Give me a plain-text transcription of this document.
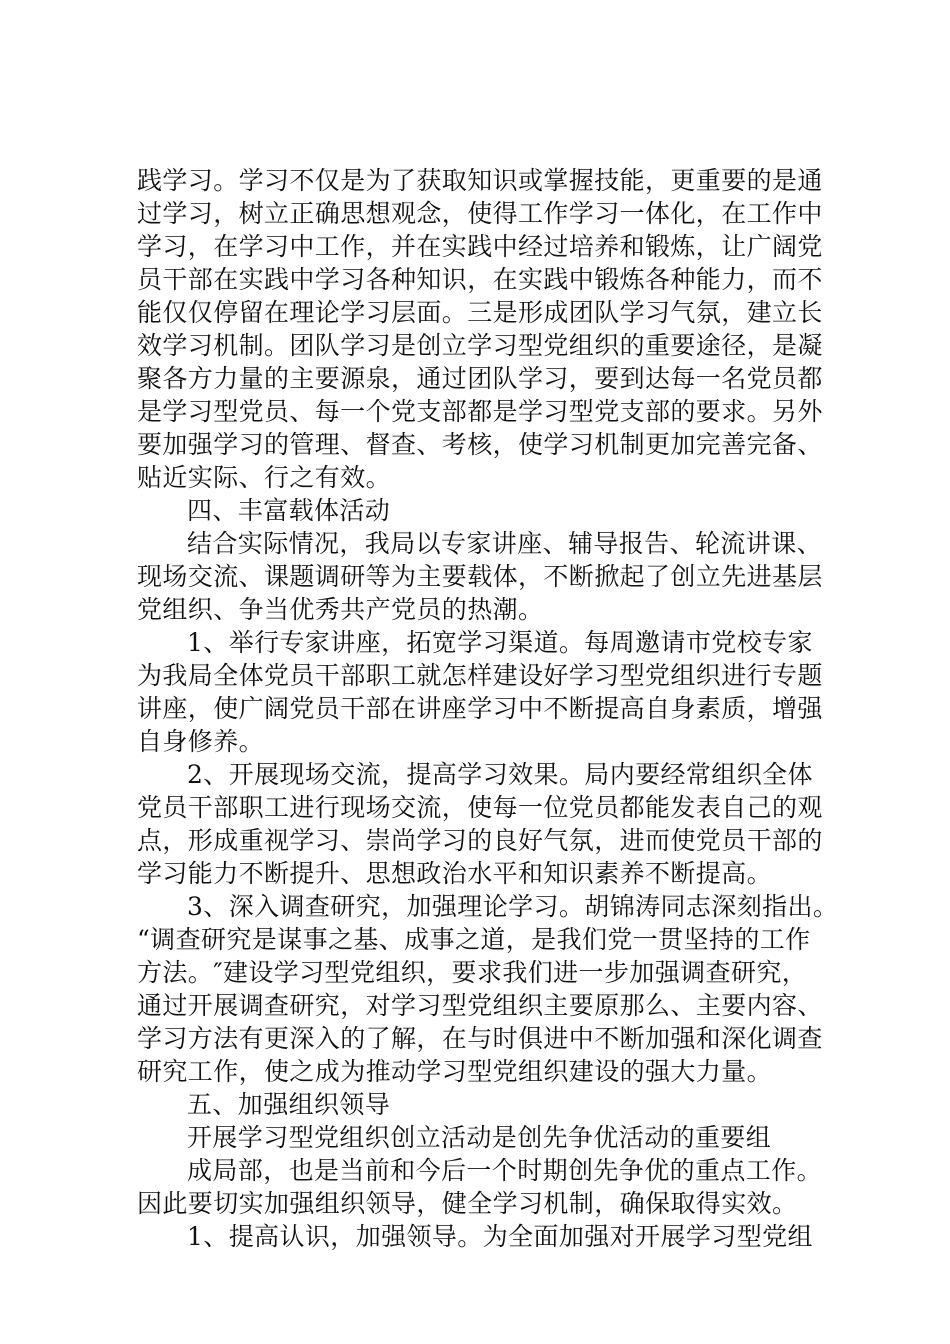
践学习。学习不仅是为了获取知识或掌握技能，更重要的是通
过学习，树立正确思想观念，使得工作学习一体化，在工作中
学习，在学习中工作，并在实践中经过培养和锻炼，让广阔党
员干部在实践中学习各种知识，在实践中锻炼各种能力，而不
能仅仅停留在理论学习层面。三是形成团队学习气氛，建立长
效学习机制。团队学习是创立学习型党组织的重要途径，是凝
聚各方力量的主要源泉，通过团队学习，要到达每一名党员都
是学习型党员、每一个党支部都是学习型党支部的要求。另外
要加强学习的管理、督查、考核，使学习机制更加完善完备、
贴近实际、行之有效。
四、丰富载体活动
结合实际情况，我局以专家讲座、辅导报告、轮流讲课、
现场交流、课题调研等为主要载体，不断掀起了创立先进基层
党组织、争当优秀共产党员的热潮。
1、举行专家讲座，拓宽学习渠道。每周邀请市党校专家
为我局全体党员干部职工就怎样建设好学习型党组织进行专题
讲座，使广阔党员干部在讲座学习中不断提高自身素质，增强
自身修养。
2、开展现场交流，提高学习效果。局内要经常组织全体
党员干部职工进行现场交流，使每一位党员都能发表自己的观
点，形成重视学习、崇尚学习的良好气氛，进而使党员干部的
学习能力不断提升、思想政治水平和知识素养不断提高。
3、深入调查研究，加强理论学习。胡锦涛同志深刻指出。
“调查研究是谋事之基、成事之道，是我们党一贯坚持的工作
方法。″建设学习型党组织，要求我们进一步加强调查研究，
通过开展调查研究，对学习型党组织主要原那么、主要内容、
学习方法有更深入的了解，在与时俱进中不断加强和深化调查
研究工作，使之成为推动学习型党组织建设的强大力量。
五、加强组织领导
开展学习型党组织创立活动是创先争优活动的重要组
成局部，也是当前和今后一个时期创先争优的重点工作。
因此要切实加强组织领导，健全学习机制，确保取得实效。
1、提高认识，加强领导。为全面加强对开展学习型党组
